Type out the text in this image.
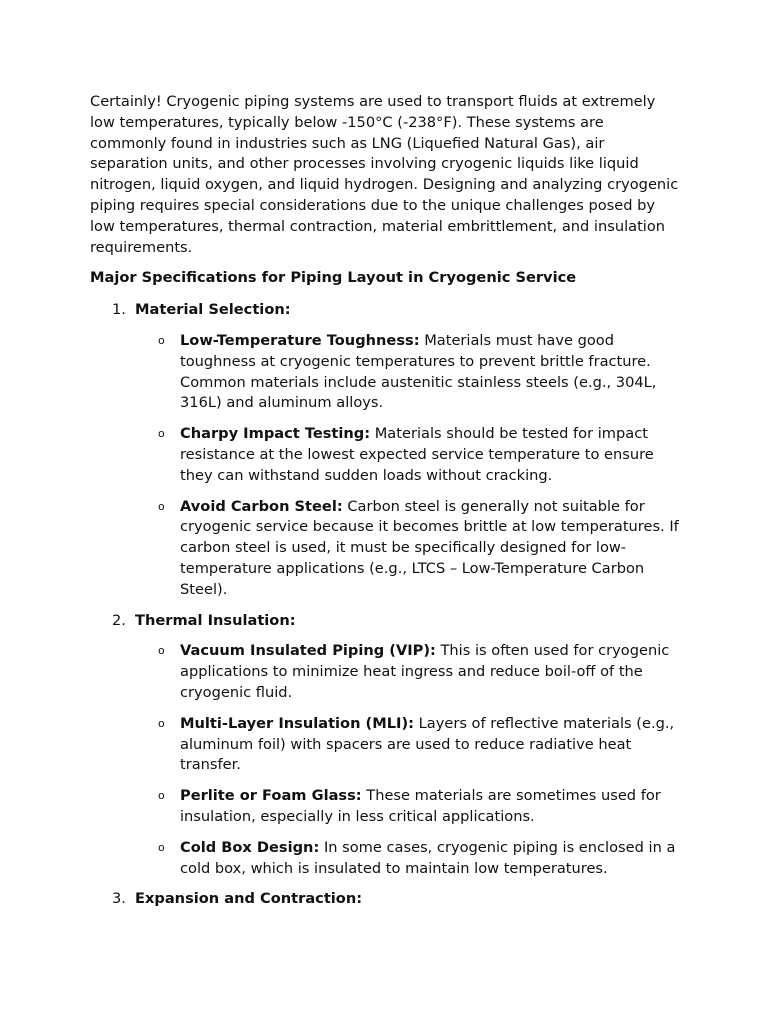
Certainly! Cryogenic piping systems are used to transport fluids at extremely low temperatures, typically below -150°C (-238°F). These systems are commonly found in industries such as LNG (Liquefied Natural Gas), air separation units, and other processes involving cryogenic liquids like liquid nitrogen, liquid oxygen, and liquid hydrogen. Designing and analyzing cryogenic piping requires special considerations due to the unique challenges posed by low temperatures, thermal contraction, material embrittlement, and insulation requirements.

Major Specifications for Piping Layout in Cryogenic Service

1. Material Selection:
o Low-Temperature Toughness: Materials must have good toughness at cryogenic temperatures to prevent brittle fracture. Common materials include austenitic stainless steels (e.g., 304L, 316L) and aluminum alloys.
o Charpy Impact Testing: Materials should be tested for impact resistance at the lowest expected service temperature to ensure they can withstand sudden loads without cracking.
o Avoid Carbon Steel: Carbon steel is generally not suitable for cryogenic service because it becomes brittle at low temperatures. If carbon steel is used, it must be specifically designed for low-temperature applications (e.g., LTCS – Low-Temperature Carbon Steel).
2. Thermal Insulation:
o Vacuum Insulated Piping (VIP): This is often used for cryogenic applications to minimize heat ingress and reduce boil-off of the cryogenic fluid.
o Multi-Layer Insulation (MLI): Layers of reflective materials (e.g., aluminum foil) with spacers are used to reduce radiative heat transfer.
o Perlite or Foam Glass: These materials are sometimes used for insulation, especially in less critical applications.
o Cold Box Design: In some cases, cryogenic piping is enclosed in a cold box, which is insulated to maintain low temperatures.
3. Expansion and Contraction:
